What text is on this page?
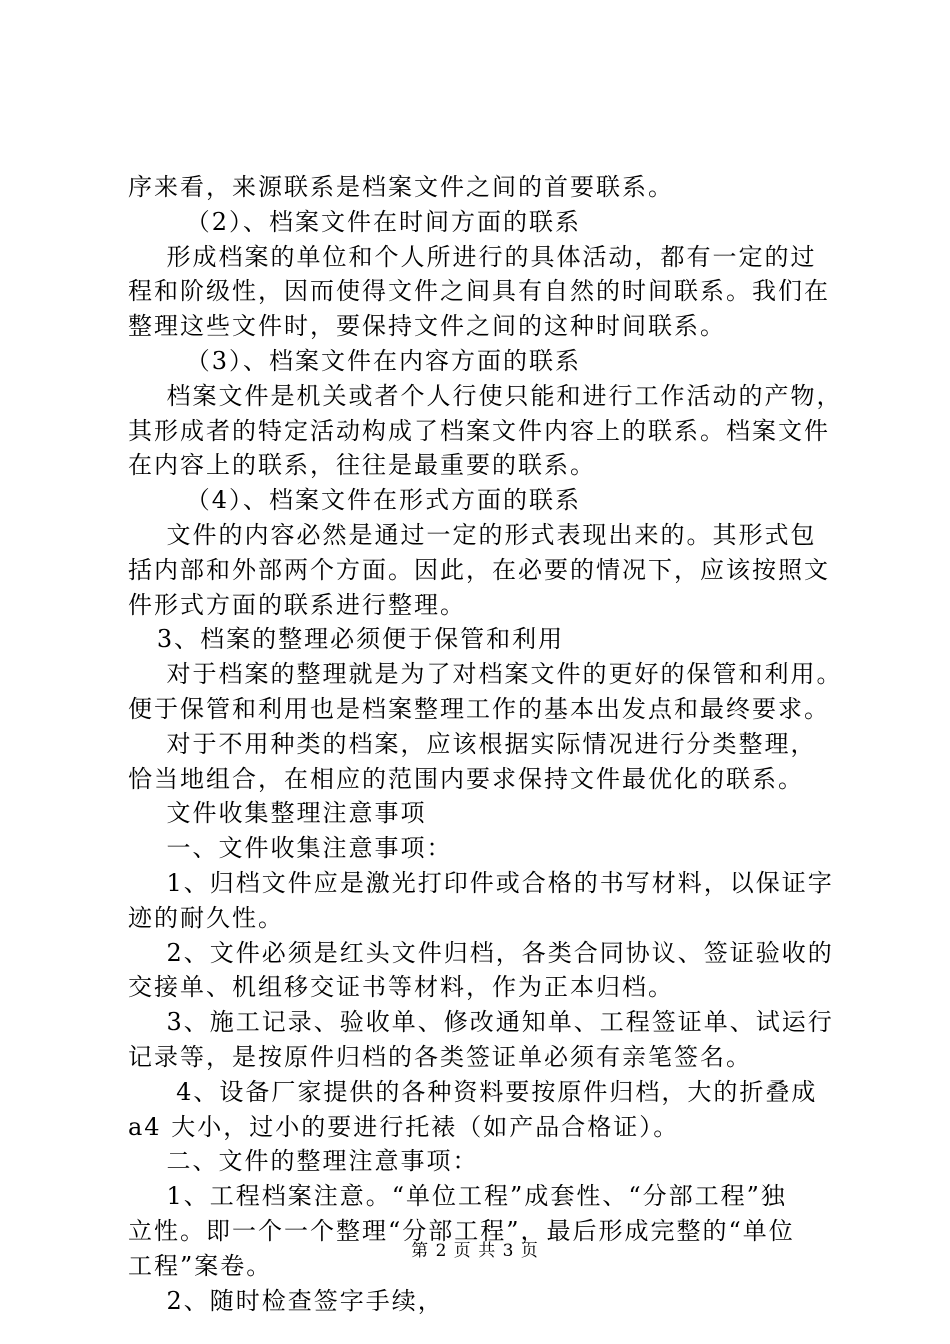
序来看，来源联系是档案文件之间的首要联系。
（2）、档案文件在时间方面的联系
形成档案的单位和个人所进行的具体活动，都有一定的过
程和阶级性，因而使得文件之间具有自然的时间联系。我们在
整理这些文件时，要保持文件之间的这种时间联系。
（3）、档案文件在内容方面的联系
档案文件是机关或者个人行使只能和进行工作活动的产物，
其形成者的特定活动构成了档案文件内容上的联系。档案文件
在内容上的联系，往往是最重要的联系。
（4）、档案文件在形式方面的联系
文件的内容必然是通过一定的形式表现出来的。其形式包
括内部和外部两个方面。因此，在必要的情况下，应该按照文
件形式方面的联系进行整理。
3、档案的整理必须便于保管和利用
对于档案的整理就是为了对档案文件的更好的保管和利用。
便于保管和利用也是档案整理工作的基本出发点和最终要求。
对于不用种类的档案，应该根据实际情况进行分类整理，
恰当地组合，在相应的范围内要求保持文件最优化的联系。
文件收集整理注意事项
一、文件收集注意事项：
1、归档文件应是激光打印件或合格的书写材料，以保证字
迹的耐久性。
2、文件必须是红头文件归档，各类合同协议、签证验收的
交接单、机组移交证书等材料，作为正本归档。
3、施工记录、验收单、修改通知单、工程签证单、试运行
记录等，是按原件归档的各类签证单必须有亲笔签名。
4、设备厂家提供的各种资料要按原件归档，大的折叠成
a4 大小，过小的要进行托裱（如产品合格证）。
二、文件的整理注意事项：
1、工程档案注意。“单位工程”成套性、“分部工程”独
立性。即一个一个整理“分部工程”，最后形成完整的“单位
工程”案卷。
2、随时检查签字手续，
第 2 页 共 3 页
